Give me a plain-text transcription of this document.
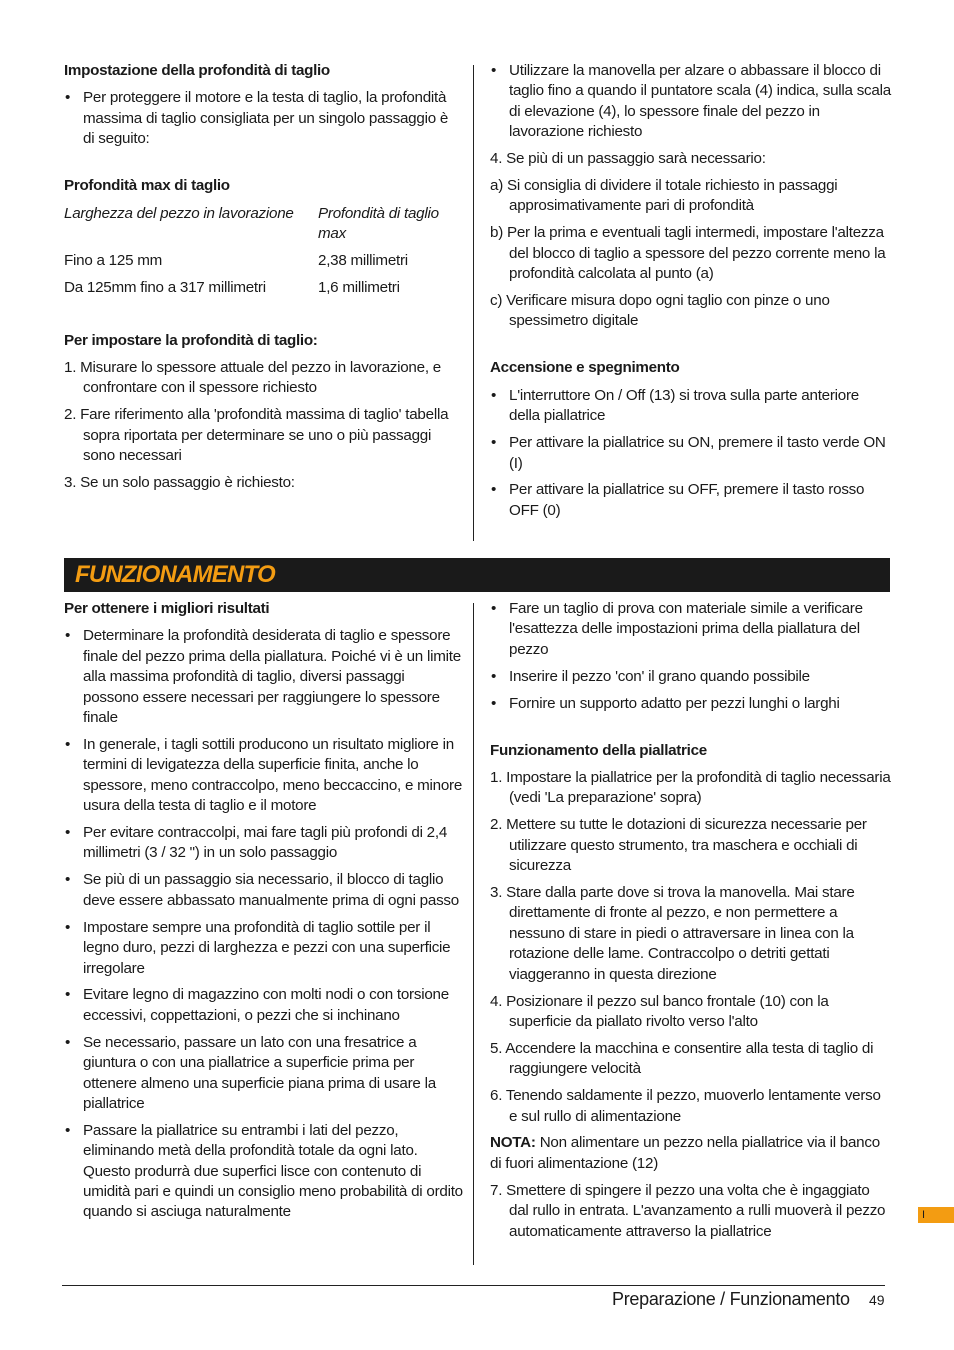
Impostazione della profondità di taglio
• Per proteggere il motore e la testa di taglio, la profondità massima di taglio consigliata per un singolo passaggio è di seguito:
Profondità max di taglio
Larghezza del pezzo in lavorazione	Profondità di taglio max
Fino a 125 mm	2,38 millimetri
Da 125mm fino a 317 millimetri	1,6 millimetri
Per impostare la profondità di taglio:
1. Misurare lo spessore attuale del pezzo in lavorazione, e confrontare con il spessore richiesto
2. Fare riferimento alla 'profondità massima di taglio' tabella sopra riportata per determinare se uno o più passaggi sono necessari
3. Se un solo passaggio è richiesto:
• Utilizzare la manovella per alzare o abbassare il blocco di taglio fino a quando il puntatore scala (4) indica, sulla scala di elevazione (4), lo spessore finale del pezzo in lavorazione richiesto
4. Se più di un passaggio sarà necessario:
a) Si consiglia di dividere il totale richiesto in passaggi approsimativamente pari di profondità
b) Per la prima e eventuali tagli intermedi, impostare l'altezza del blocco di taglio a spessore del pezzo corrente meno la profondità calcolata al punto (a)
c) Verificare misura dopo ogni taglio con pinze o uno spessimetro digitale
Accensione e spegnimento
• L'interruttore On / Off (13) si trova sulla parte anteriore della piallatrice
• Per attivare la piallatrice su ON, premere il tasto verde ON (I)
• Per attivare la piallatrice su OFF, premere il tasto rosso OFF (0)
FUNZIONAMENTO
Per ottenere i migliori risultati
• Determinare la profondità desiderata di taglio e spessore finale del pezzo prima della piallatura. Poiché vi è un limite alla massima profondità di taglio, diversi passaggi possono essere necessari per raggiungere lo spessore finale
• In generale, i tagli sottili producono un risultato migliore in termini di levigatezza della superficie finita, anche lo spessore, meno contraccolpo, meno beccaccino, e minore usura della testa di taglio e il motore
• Per evitare contraccolpi, mai fare tagli più profondi di 2,4 millimetri (3 / 32 ") in un solo passaggio
• Se più di un passaggio sia necessario, il blocco di taglio deve essere abbassato manualmente prima di ogni passo
• Impostare sempre una profondità di taglio sottile per il legno duro, pezzi di larghezza e pezzi con una superficie irregolare
• Evitare legno di magazzino con molti nodi o con torsione eccessivi, coppettazioni, o pezzi che si inchinano
• Se necessario, passare un lato con una fresatrice a giuntura o con una piallatrice a superficie prima per ottenere almeno una superficie piana prima di usare la piallatrice
• Passare la piallatrice su entrambi i lati del pezzo, eliminando metà della profondità totale da ogni lato. Questo produrrà due superfici lisce con contenuto di umidità pari e quindi un consiglio meno probabilità di ordito quando si asciuga naturalmente
• Fare un taglio di prova con materiale simile a verificare l'esattezza delle impostazioni prima della piallatura del pezzo
• Inserire il pezzo 'con' il grano quando possibile
• Fornire un supporto adatto per pezzi lunghi o larghi
Funzionamento della piallatrice
1. Impostare la piallatrice per la profondità di taglio necessaria (vedi 'La preparazione' sopra)
2. Mettere su tutte le dotazioni di sicurezza necessarie per utilizzare questo strumento, tra maschera e occhiali di sicurezza
3. Stare dalla parte dove si trova la manovella. Mai stare direttamente di fronte al pezzo, e non permettere a nessuno di stare in piedi o attraversare in linea con la rotazione delle lame. Contraccolpo o detriti gettati viaggeranno in questa direzione
4. Posizionare il pezzo sul banco frontale (10) con la superficie da piallato rivolto verso l'alto
5. Accendere la macchina e consentire alla testa di taglio di raggiungere velocità
6. Tenendo saldamente il pezzo, muoverlo lentamente verso e sul rullo di alimentazione

NOTA: Non alimentare un pezzo nella piallatrice via il banco di fuori alimentazione (12)

7. Smettere di spingere il pezzo una volta che è ingaggiato dal rullo in entrata. L'avanzamento a rulli muoverà il pezzo automaticamente attraverso la piallatrice
I
Preparazione / Funzionamento 49
